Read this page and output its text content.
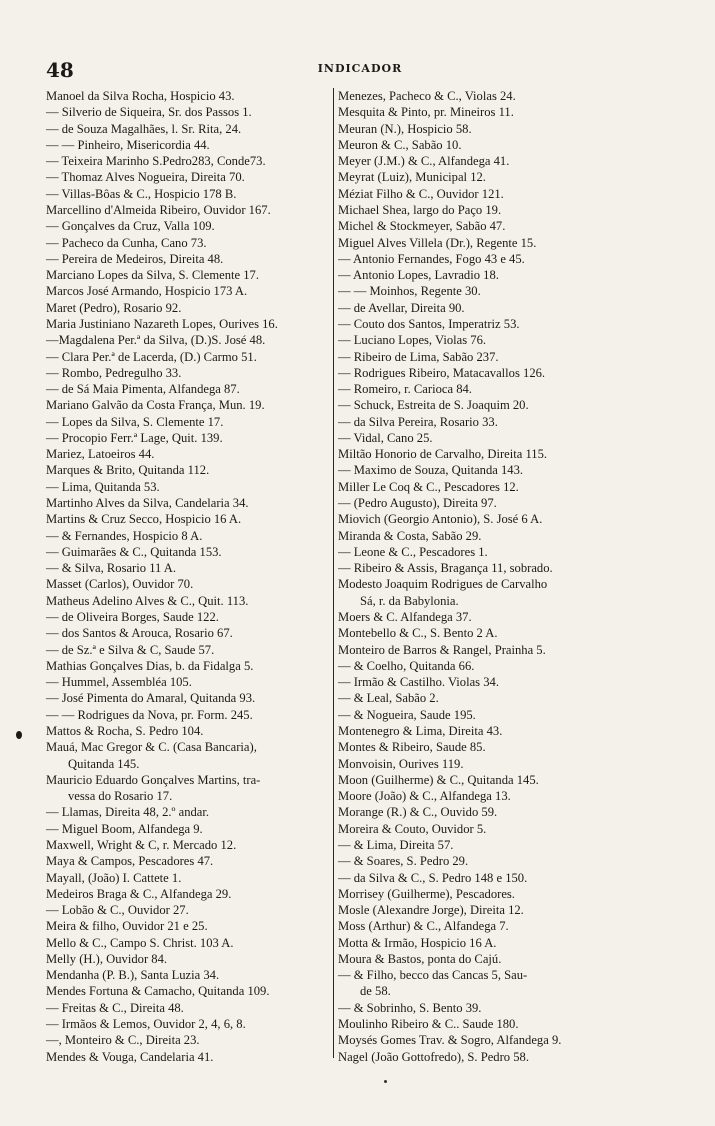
48	INDICADOR
Manoel da Silva Rocha, Hospicio 43.
— Silverio de Siqueira, Sr. dos Passos 1.
— de Souza Magalhães, l. Sr. Rita, 24.
— — Pinheiro, Misericordia 44.
— Teixeira Marinho S.Pedro283, Conde73.
— Thomaz Alves Nogueira, Direita 70.
— Villas-Bôas & C., Hospicio 178 B.
Marcellino d'Almeida Ribeiro, Ouvidor 167.
— Gonçalves da Cruz, Valla 109.
— Pacheco da Cunha, Cano 73.
— Pereira de Medeiros, Direita 48.
Marciano Lopes da Silva, S. Clemente 17.
Marcos José Armando, Hospicio 173 A.
Maret (Pedro), Rosario 92.
Maria Justiniano Nazareth Lopes, Ourives 16.
—Magdalena Per.ª da Silva, (D.)S. José 48.
— Clara Per.ª de Lacerda, (D.) Carmo 51.
— Rombo, Pedregulho 33.
— de Sá Maia Pimenta, Alfandega 87.
Mariano Galvão da Costa França, Mun. 19.
— Lopes da Silva, S. Clemente 17.
— Procopio Ferr.ª Lage, Quit. 139.
Mariez, Latoeiros 44.
Marques & Brito, Quitanda 112.
— Lima, Quitanda 53.
Martinho Alves da Silva, Candelaria 34.
Martins & Cruz Secco, Hospicio 16 A.
— & Fernandes, Hospicio 8 A.
— Guimarães & C., Quitanda 153.
— & Silva, Rosario 11 A.
Masset (Carlos), Ouvidor 70.
Matheus Adelino Alves & C., Quit. 113.
— de Oliveira Borges, Saude 122.
— dos Santos & Arouca, Rosario 67.
— de Sz.ª e Silva & C, Saude 57.
Mathias Gonçalves Dias, b. da Fidalga 5.
— Hummel, Assembléa 105.
— José Pimenta do Amaral, Quitanda 93.
— — Rodrigues da Nova, pr. Form. 245.
Mattos & Rocha, S. Pedro 104.
Mauá, Mac Gregor & C. (Casa Bancaria),
Quitanda 145.
Mauricio Eduardo Gonçalves Martins, tra-
vessa do Rosario 17.
— Llamas, Direita 48, 2.º andar.
— Miguel Boom, Alfandega 9.
Maxwell, Wright & C, r. Mercado 12.
Maya & Campos, Pescadores 47.
Mayall, (João) I. Cattete 1.
Medeiros Braga & C., Alfandega 29.
— Lobão & C., Ouvidor 27.
Meira & filho, Ouvidor 21 e 25.
Mello & C., Campo S. Christ. 103 A.
Melly (H.), Ouvidor 84.
Mendanha (P. B.), Santa Luzia 34.
Mendes Fortuna & Camacho, Quitanda 109.
— Freitas & C., Direita 48.
— Irmãos & Lemos, Ouvidor 2, 4, 6, 8.
—, Monteiro & C., Direita 23.
Mendes & Vouga, Candelaria 41.
Menezes, Pacheco & C., Violas 24.
Mesquita & Pinto, pr. Mineiros 11.
Meuran (N.), Hospicio 58.
Meuron & C., Sabão 10.
Meyer (J.M.) & C., Alfandega 41.
Meyrat (Luiz), Municipal 12.
Méziat Filho & C., Ouvidor 121.
Michael Shea, largo do Paço 19.
Michel & Stockmeyer, Sabão 47.
Miguel Alves Villela (Dr.), Regente 15.
— Antonio Fernandes, Fogo 43 e 45.
— Antonio Lopes, Lavradio 18.
— — Moinhos, Regente 30.
— de Avellar, Direita 90.
— Couto dos Santos, Imperatriz 53.
— Luciano Lopes, Violas 76.
— Ribeiro de Lima, Sabão 237.
— Rodrigues Ribeiro, Matacavallos 126.
— Romeiro, r. Carioca 84.
— Schuck, Estreita de S. Joaquim 20.
— da Silva Pereira, Rosario 33.
— Vidal, Cano 25.
Miltão Honorio de Carvalho, Direita 115.
— Maximo de Souza, Quitanda 143.
Miller Le Coq & C., Pescadores 12.
— (Pedro Augusto), Direita 97.
Miovich (Georgio Antonio), S. José 6 A.
Miranda & Costa, Sabão 29.
— Leone & C., Pescadores 1.
— Ribeiro & Assis, Bragança 11, sobrado.
Modesto Joaquim Rodrigues de Carvalho
Sá, r. da Babylonia.
Moers & C. Alfandega 37.
Montebello & C., S. Bento 2 A.
Monteiro de Barros & Rangel, Prainha 5.
— & Coelho, Quitanda 66.
— Irmão & Castilho. Violas 34.
— & Leal, Sabão 2.
— & Nogueira, Saude 195.
Montenegro & Lima, Direita 43.
Montes & Ribeiro, Saude 85.
Monvoisin, Ourives 119.
Moon (Guilherme) & C., Quitanda 145.
Moore (João) & C., Alfandega 13.
Morange (R.) & C., Ouvido 59.
Moreira & Couto, Ouvidor 5.
— & Lima, Direita 57.
— & Soares, S. Pedro 29.
— da Silva & C., S. Pedro 148 e 150.
Morrisey (Guilherme), Pescadores.
Mosle (Alexandre Jorge), Direita 12.
Moss (Arthur) & C., Alfandega 7.
Motta & Irmão, Hospicio 16 A.
Moura & Bastos, ponta do Cajú.
— & Filho, becco das Cancas 5, Sau-
de 58.
— & Sobrinho, S. Bento 39.
Moulinho Ribeiro & C.. Saude 180.
Moysés Gomes Trav. & Sogro, Alfandega 9.
Nagel (João Gottofredo), S. Pedro 58.
